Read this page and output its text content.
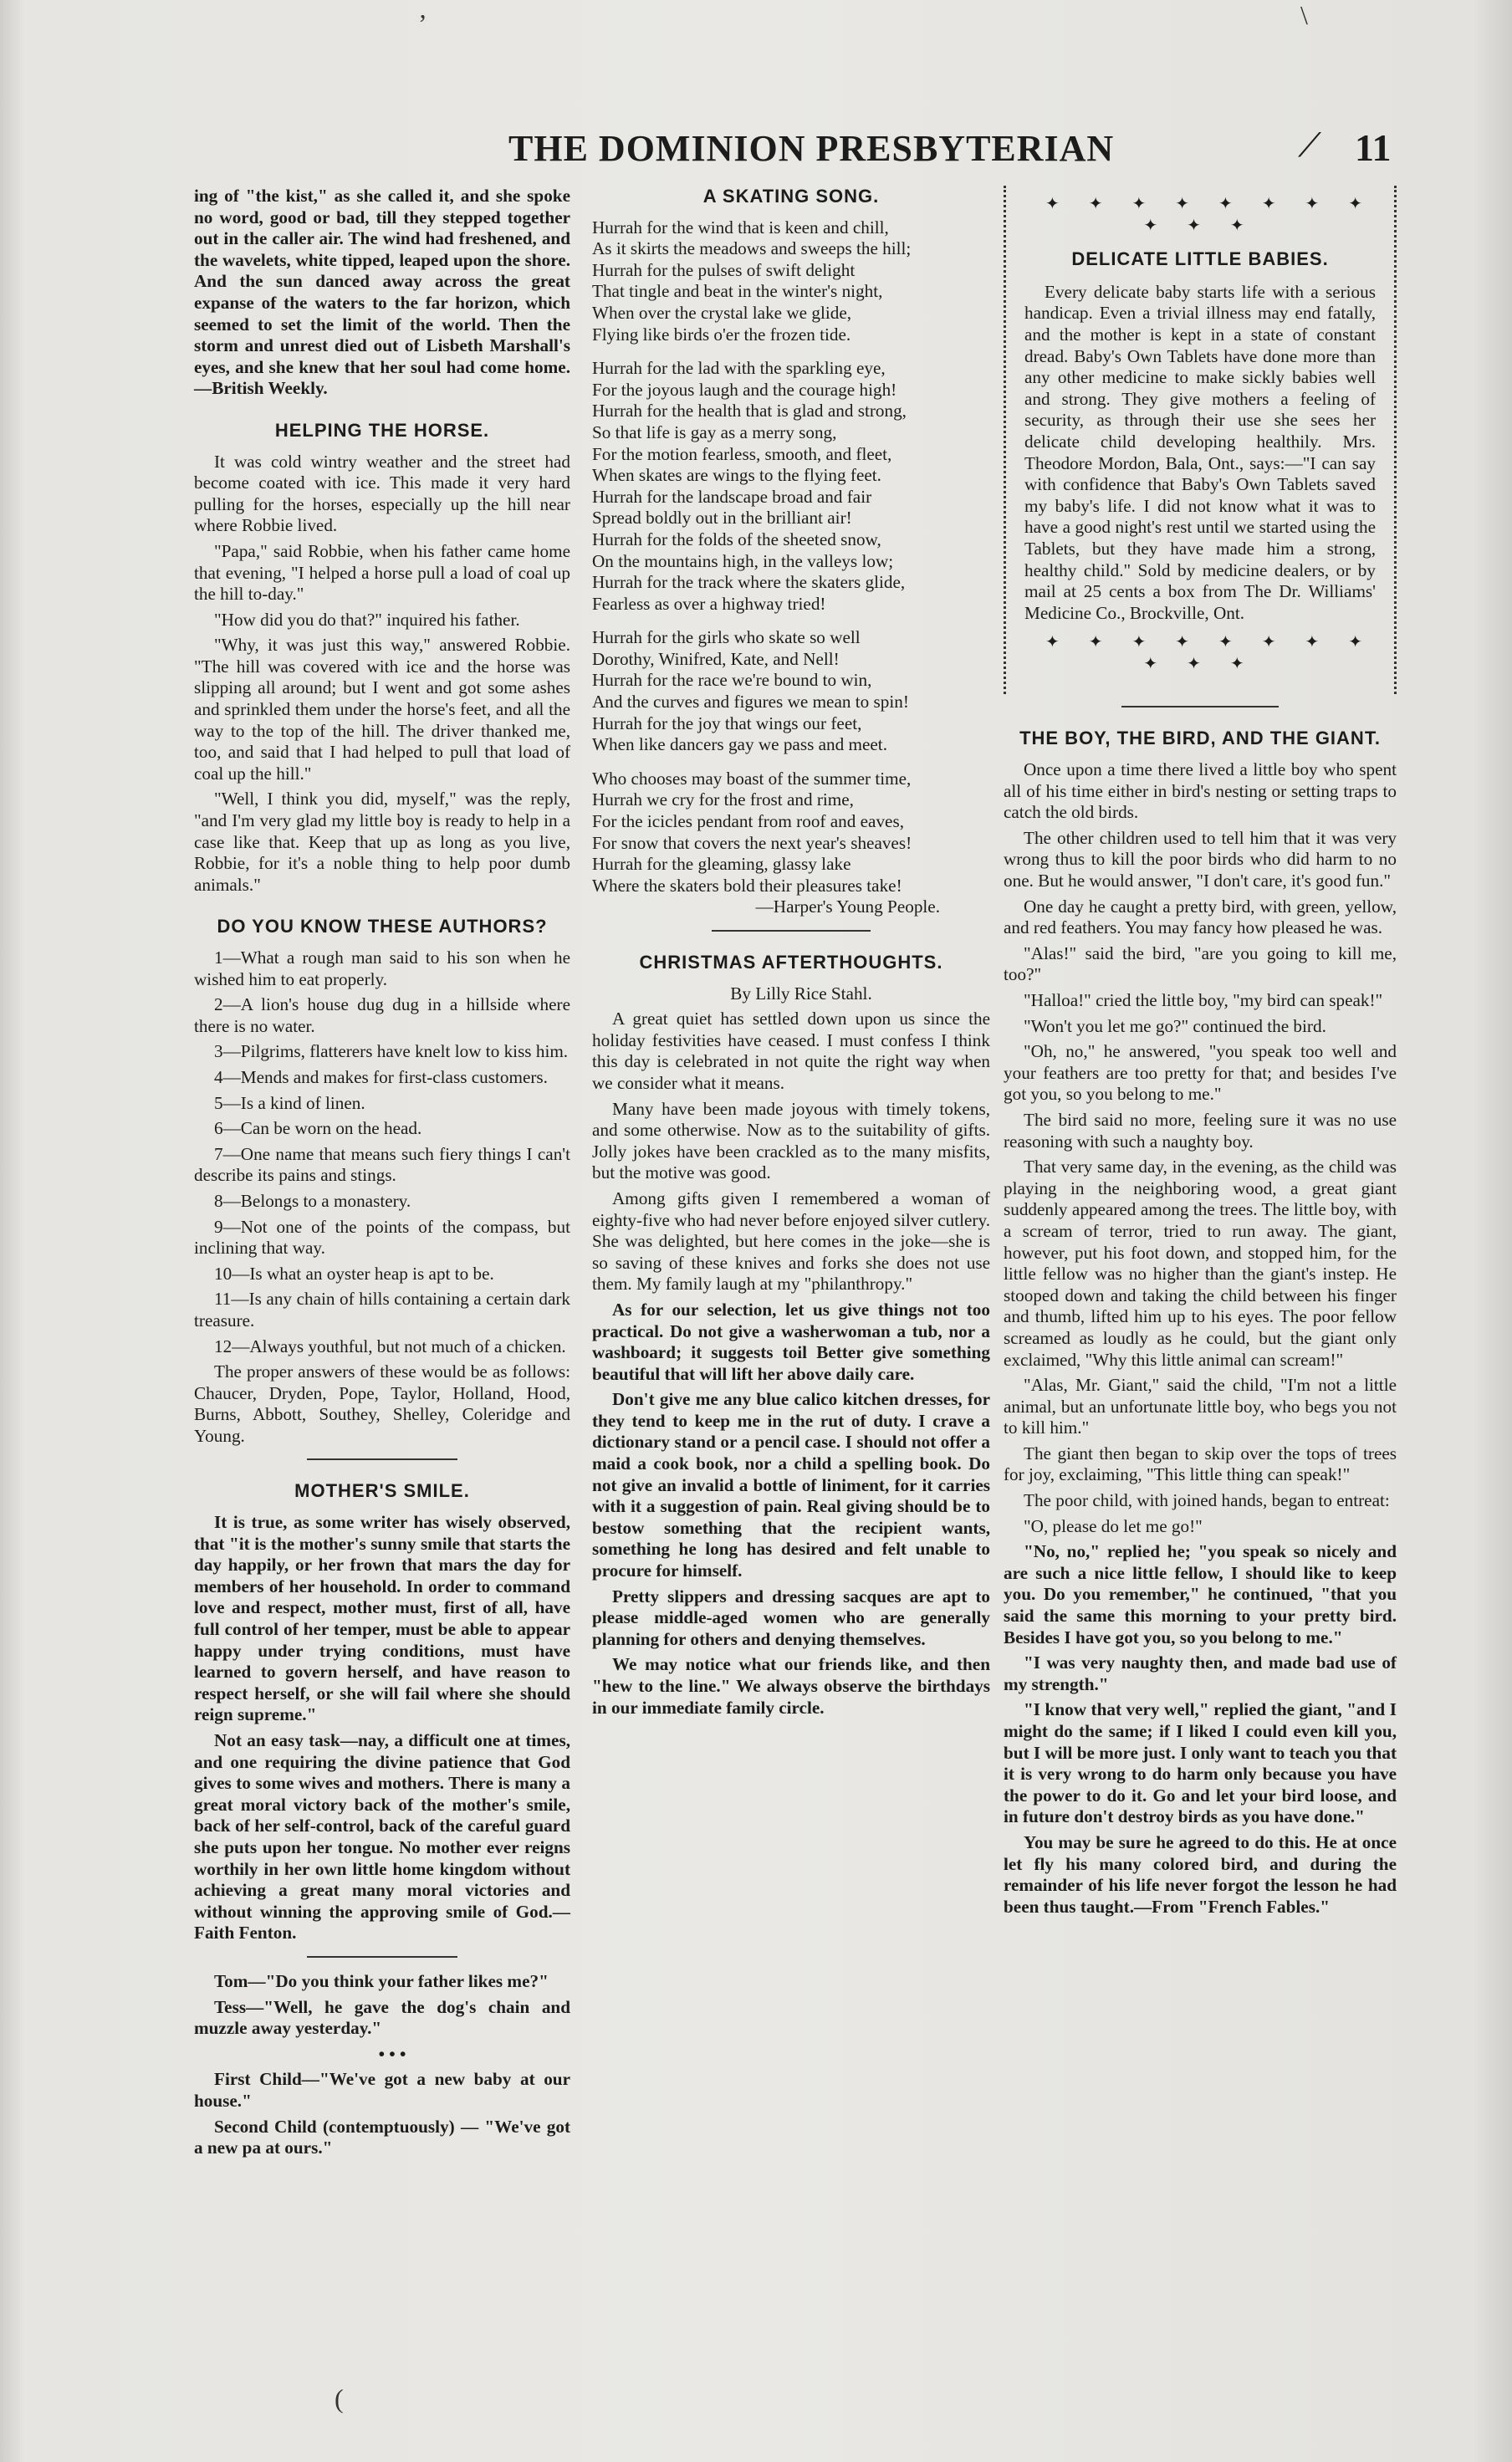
THE DOMINION PRESBYTERIAN	⟋ 11

ing of "the kist," as she called it, and she spoke no word, good or bad, till they stepped together out in the caller air. The wind had freshened, and the wavelets, white tipped, leaped upon the shore. And the sun danced away across the great expanse of the waters to the far horizon, which seemed to set the limit of the world. Then the storm and unrest died out of Lisbeth Marshall's eyes, and she knew that her soul had come home.—British Weekly.

HELPING THE HORSE.

It was cold wintry weather and the street had become coated with ice. This made it very hard pulling for the horses, especially up the hill near where Robbie lived.

"Papa," said Robbie, when his father came home that evening, "I helped a horse pull a load of coal up the hill to-day."

"How did you do that?" inquired his father.

"Why, it was just this way," answered Robbie. "The hill was covered with ice and the horse was slipping all around; but I went and got some ashes and sprinkled them under the horse's feet, and all the way to the top of the hill. The driver thanked me, too, and said that I had helped to pull that load of coal up the hill."

"Well, I think you did, myself," was the reply, "and I'm very glad my little boy is ready to help in a case like that. Keep that up as long as you live, Robbie, for it's a noble thing to help poor dumb animals."

DO YOU KNOW THESE AUTHORS?

1—What a rough man said to his son when he wished him to eat properly.

2—A lion's house dug dug in a hillside where there is no water.

3—Pilgrims, flatterers have knelt low to kiss him.

4—Mends and makes for first-class customers.

5—Is a kind of linen.

6—Can be worn on the head.

7—One name that means such fiery things I can't describe its pains and stings.

8—Belongs to a monastery.

9—Not one of the points of the compass, but inclining that way.

10—Is what an oyster heap is apt to be.

11—Is any chain of hills containing a certain dark treasure.

12—Always youthful, but not much of a chicken.

The proper answers of these would be as follows: Chaucer, Dryden, Pope, Taylor, Holland, Hood, Burns, Abbott, Southey, Shelley, Coleridge and Young.

MOTHER'S SMILE.

It is true, as some writer has wisely observed, that "it is the mother's sunny smile that starts the day happily, or her frown that mars the day for members of her household. In order to command love and respect, mother must, first of all, have full control of her temper, must be able to appear happy under trying conditions, must have learned to govern herself, and have reason to respect herself, or she will fail where she should reign supreme."

Not an easy task—nay, a difficult one at times, and one requiring the divine patience that God gives to some wives and mothers. There is many a great moral victory back of the mother's smile, back of her self-control, back of the careful guard she puts upon her tongue. No mother ever reigns worthily in her own little home kingdom without achieving a great many moral victories and without winning the approving smile of God.—Faith Fenton.

Tom—"Do you think your father likes me?"

Tess—"Well, he gave the dog's chain and muzzle away yesterday."

• • •

First Child—"We've got a new baby at our house."

Second Child (contemptuously) — "We've got a new pa at ours."

A SKATING SONG.

Hurrah for the wind that is keen and chill,

As it skirts the meadows and sweeps the hill;

Hurrah for the pulses of swift delight

That tingle and beat in the winter's night,

When over the crystal lake we glide,

Flying like birds o'er the frozen tide.

Hurrah for the lad with the sparkling eye,

For the joyous laugh and the courage high!

Hurrah for the health that is glad and strong,

So that life is gay as a merry song,

For the motion fearless, smooth, and fleet,

When skates are wings to the flying feet.

Hurrah for the landscape broad and fair

Spread boldly out in the brilliant air!

Hurrah for the folds of the sheeted snow,

On the mountains high, in the valleys low;

Hurrah for the track where the skaters glide,

Fearless as over a highway tried!

Hurrah for the girls who skate so well

Dorothy, Winifred, Kate, and Nell!

Hurrah for the race we're bound to win,

And the curves and figures we mean to spin!

Hurrah for the joy that wings our feet,

When like dancers gay we pass and meet.

Who chooses may boast of the summer time,

Hurrah we cry for the frost and rime,

For the icicles pendant from roof and eaves,

For snow that covers the next year's sheaves!

Hurrah for the gleaming, glassy lake

Where the skaters bold their pleasures take!

—Harper's Young People.

CHRISTMAS AFTERTHOUGHTS.

By Lilly Rice Stahl.

A great quiet has settled down upon us since the holiday festivities have ceased. I must confess I think this day is celebrated in not quite the right way when we consider what it means.

Many have been made joyous with timely tokens, and some otherwise. Now as to the suitability of gifts. Jolly jokes have been crackled as to the many misfits, but the motive was good.

Among gifts given I remembered a woman of eighty-five who had never before enjoyed silver cutlery. She was delighted, but here comes in the joke—she is so saving of these knives and forks she does not use them. My family laugh at my "philanthropy."

As for our selection, let us give things not too practical. Do not give a washerwoman a tub, nor a washboard; it suggests toil Better give something beautiful that will lift her above daily care.

Don't give me any blue calico kitchen dresses, for they tend to keep me in the rut of duty. I crave a dictionary stand or a pencil case. I should not offer a maid a cook book, nor a child a spelling book. Do not give an invalid a bottle of liniment, for it carries with it a suggestion of pain. Real giving should be to bestow something that the recipient wants, something he long has desired and felt unable to procure for himself.

Pretty slippers and dressing sacques are apt to please middle-aged women who are generally planning for others and denying themselves.

We may notice what our friends like, and then "hew to the line." We always observe the birthdays in our immediate family circle.

✦ ✦ ✦ ✦ ✦ ✦ ✦ ✦ ✦ ✦ ✦

DELICATE LITTLE BABIES.

Every delicate baby starts life with a serious handicap. Even a trivial illness may end fatally, and the mother is kept in a state of constant dread. Baby's Own Tablets have done more than any other medicine to make sickly babies well and strong. They give mothers a feeling of security, as through their use she sees her delicate child developing healthily. Mrs. Theodore Mordon, Bala, Ont., says:—"I can say with confidence that Baby's Own Tablets saved my baby's life. I did not know what it was to have a good night's rest until we started using the Tablets, but they have made him a strong, healthy child." Sold by medicine dealers, or by mail at 25 cents a box from The Dr. Williams' Medicine Co., Brockville, Ont.

✦ ✦ ✦ ✦ ✦ ✦ ✦ ✦ ✦ ✦ ✦

THE BOY, THE BIRD, AND THE GIANT.

Once upon a time there lived a little boy who spent all of his time either in bird's nesting or setting traps to catch the old birds.

The other children used to tell him that it was very wrong thus to kill the poor birds who did harm to no one. But he would answer, "I don't care, it's good fun."

One day he caught a pretty bird, with green, yellow, and red feathers. You may fancy how pleased he was.

"Alas!" said the bird, "are you going to kill me, too?"

"Halloa!" cried the little boy, "my bird can speak!"

"Won't you let me go?" continued the bird.

"Oh, no," he answered, "you speak too well and your feathers are too pretty for that; and besides I've got you, so you belong to me."

The bird said no more, feeling sure it was no use reasoning with such a naughty boy.

That very same day, in the evening, as the child was playing in the neighboring wood, a great giant suddenly appeared among the trees. The little boy, with a scream of terror, tried to run away. The giant, however, put his foot down, and stopped him, for the little fellow was no higher than the giant's instep. He stooped down and taking the child between his finger and thumb, lifted him up to his eyes. The poor fellow screamed as loudly as he could, but the giant only exclaimed, "Why this little animal can scream!"

"Alas, Mr. Giant," said the child, "I'm not a little animal, but an unfortunate little boy, who begs you not to kill him."

The giant then began to skip over the tops of trees for joy, exclaiming, "This little thing can speak!"

The poor child, with joined hands, began to entreat:

"O, please do let me go!"

"No, no," replied he; "you speak so nicely and are such a nice little fellow, I should like to keep you. Do you remember," he continued, "that you said the same this morning to your pretty bird. Besides I have got you, so you belong to me."

"I was very naughty then, and made bad use of my strength."

"I know that very well," replied the giant, "and I might do the same; if I liked I could even kill you, but I will be more just. I only want to teach you that it is very wrong to do harm only because you have the power to do it. Go and let your bird loose, and in future don't destroy birds as you have done."

You may be sure he agreed to do this. He at once let fly his many colored bird, and during the remainder of his life never forgot the lesson he had been thus taught.—From "French Fables."

ʼ	\
(
